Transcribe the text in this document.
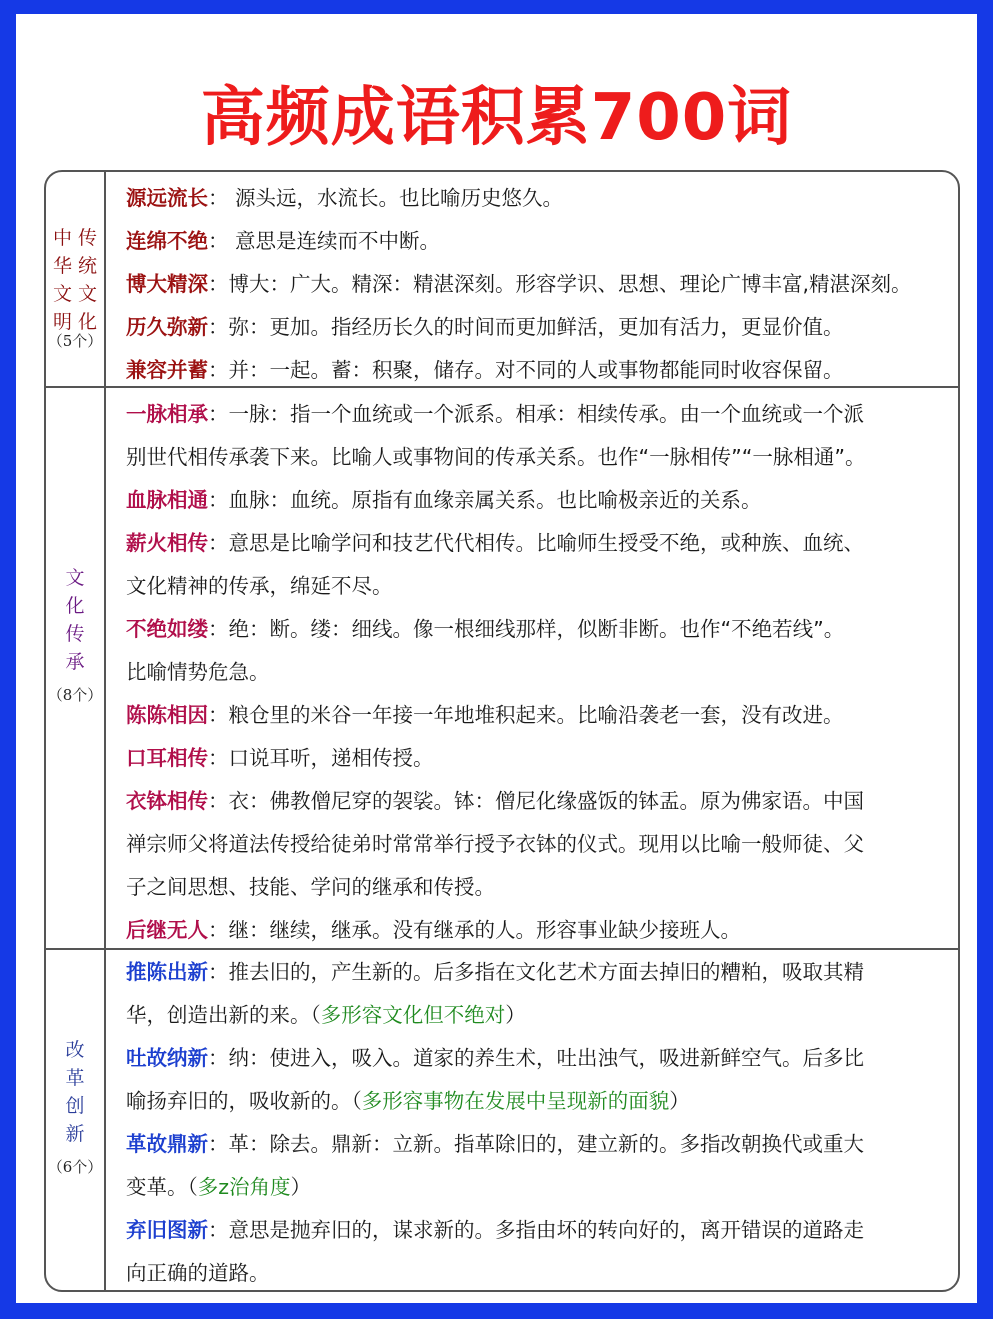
高频成语积累700词
中
华
文
明
传
统
文
化
（5个）
源远流长： 源头远，水流长。也比喻历史悠久。
连绵不绝： 意思是连续而不中断。
博大精深：博大：广大。精深：精湛深刻。形容学识、思想、理论广博丰富,精湛深刻。
历久弥新：弥：更加。指经历长久的时间而更加鲜活，更加有活力，更显价值。
兼容并蓄：并：一起。蓄：积聚，储存。对不同的人或事物都能同时收容保留。
文
化
传
承
（8个）
一脉相承：一脉：指一个血统或一个派系。相承：相续传承。由一个血统或一个派
别世代相传承袭下来。比喻人或事物间的传承关系。也作“一脉相传”“一脉相通”。
血脉相通：血脉：血统。原指有血缘亲属关系。也比喻极亲近的关系。
薪火相传：意思是比喻学问和技艺代代相传。比喻师生授受不绝，或种族、血统、
文化精神的传承，绵延不尽。
不绝如缕：绝：断。缕：细线。像一根细线那样，似断非断。也作“不绝若线”。
比喻情势危急。
陈陈相因：粮仓里的米谷一年接一年地堆积起来。比喻沿袭老一套，没有改进。
口耳相传：口说耳听，递相传授。
衣钵相传：衣：佛教僧尼穿的袈裟。钵：僧尼化缘盛饭的钵盂。原为佛家语。中国
禅宗师父将道法传授给徒弟时常常举行授予衣钵的仪式。现用以比喻一般师徒、父
子之间思想、技能、学问的继承和传授。
后继无人：继：继续，继承。没有继承的人。形容事业缺少接班人。
改
革
创
新
（6个）
推陈出新：推去旧的，产生新的。后多指在文化艺术方面去掉旧的糟粕，吸取其精
华，创造出新的来。（多形容文化但不绝对）
吐故纳新：纳：使进入，吸入。道家的养生术，吐出浊气，吸进新鲜空气。后多比
喻扬弃旧的，吸收新的。（多形容事物在发展中呈现新的面貌）
革故鼎新：革：除去。鼎新：立新。指革除旧的，建立新的。多指改朝换代或重大
变革。（多z治角度）
弃旧图新：意思是抛弃旧的，谋求新的。多指由坏的转向好的，离开错误的道路走
向正确的道路。
